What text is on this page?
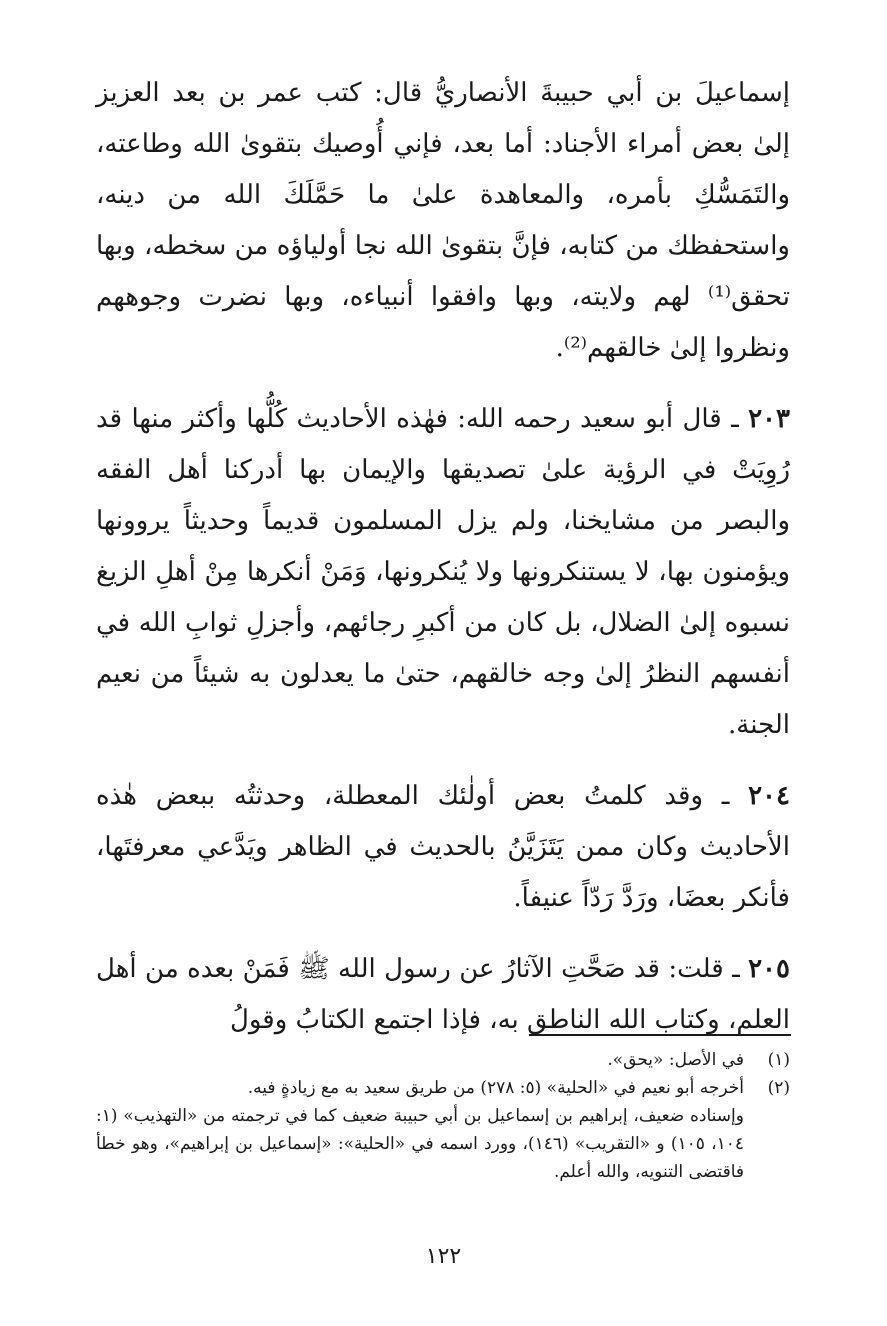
إسماعيلَ بن أبي حبيبةَ الأنصاريُّ قال: كتب عمر بن بعد العزيز إلىٰ بعض أمراء الأجناد: أما بعد، فإني أُوصيك بتقوىٰ الله وطاعته، والتَمَسُّكِ بأمره، والمعاهدة علىٰ ما حَمَّلَكَ الله من دينه، واستحفظك من كتابه، فإنَّ بتقوىٰ الله نجا أولياؤه من سخطه، وبها تحقق⁽¹⁾ لهم ولايته، وبها وافقوا أنبياءه، وبها نضرت وجوههم ونظروا إلىٰ خالقهم⁽²⁾.

٢٠٣ ـ قال أبو سعيد رحمه الله: فهٰذه الأحاديث كُلُّها وأكثر منها قد رُوِيَتْ في الرؤية علىٰ تصديقها والإيمان بها أدركنا أهل الفقه والبصر من مشايخنا، ولم يزل المسلمون قديماً وحديثاً يروونها ويؤمنون بها، لا يستنكرونها ولا يُنكرونها، وَمَنْ أنكرها مِنْ أهلِ الزيغ نسبوه إلىٰ الضلال، بل كان من أكبرِ رجائهم، وأجزلِ ثوابِ الله في أنفسهم النظرُ إلىٰ وجه خالقهم، حتىٰ ما يعدلون به شيئاً من نعيم الجنة.

٢٠٤ ـ وقد كلمتُ بعض أولٰئك المعطلة، وحدثتُه ببعض هٰذه الأحاديث وكان ممن يَتَزَيَّنُ بالحديث في الظاهر ويَدَّعي معرفتَها، فأنكر بعضَا، ورَدَّ رَدّاً عنيفاً.

٢٠٥ ـ قلت: قد صَحَّتِ الآثارُ عن رسول الله ﷺ فَمَنْ بعده من أهل العلم، وكتاب الله الناطق به، فإذا اجتمع الكتابُ وقولُ

(١)
في الأصل: «يحق».
(٢)
أخرجه أبو نعيم في «الحلية» (٥: ٢٧٨) من طريق سعيد به مع زيادةٍ فيه.
وإسناده ضعيف، إبراهيم بن إسماعيل بن أبي حبيبة ضعيف كما في ترجمته من «التهذيب» (١: ١٠٤، ١٠٥) و «التقريب» (١٤٦)، وورد اسمه في «الحلية»: «إسماعيل بن إبراهيم»، وهو خطأ فاقتضى التنويه، والله أعلم.
١٢٢
